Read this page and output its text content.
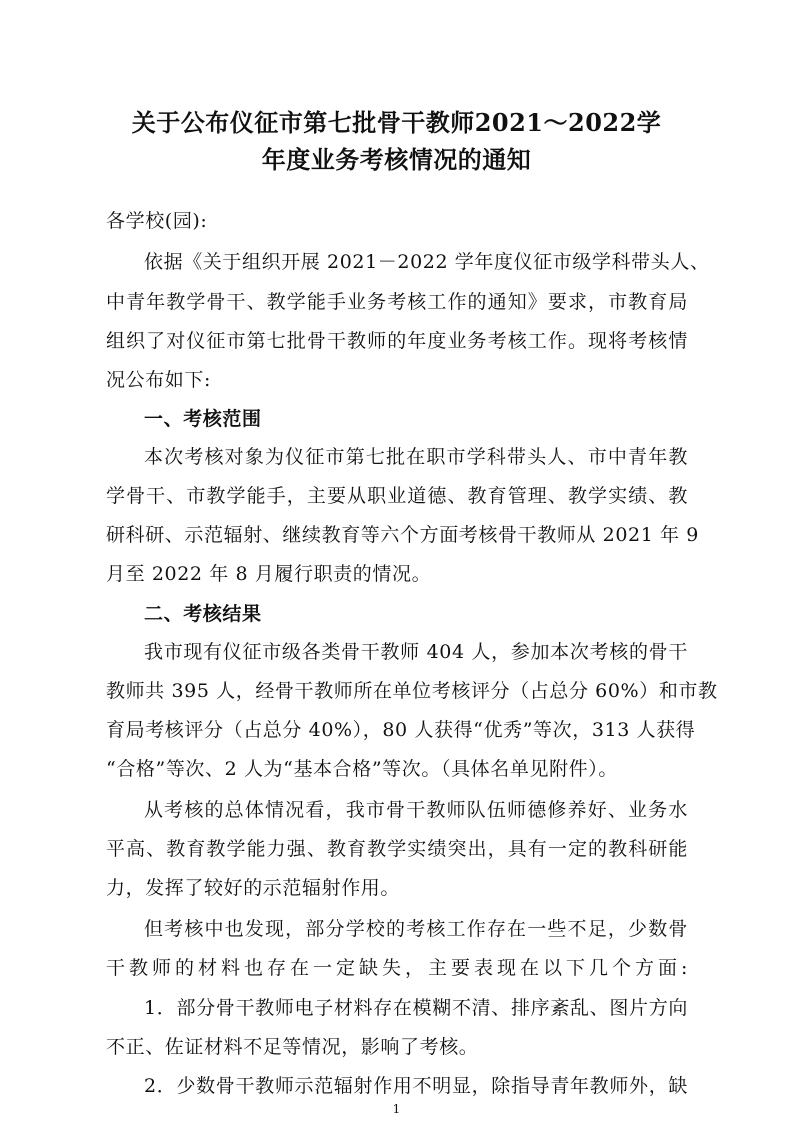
关于公布仪征市第七批骨干教师2021～2022学
年度业务考核情况的通知
各学校(园):
依据《关于组织开展 2021－2022 学年度仪征市级学科带头人、
中青年教学骨干、教学能手业务考核工作的通知》要求，市教育局
组织了对仪征市第七批骨干教师的年度业务考核工作。现将考核情
况公布如下:
一、考核范围
本次考核对象为仪征市第七批在职市学科带头人、市中青年教
学骨干、市教学能手，主要从职业道德、教育管理、教学实绩、教
研科研、示范辐射、继续教育等六个方面考核骨干教师从 2021 年 9
月至 2022 年 8 月履行职责的情况。
二、考核结果
我市现有仪征市级各类骨干教师 404 人，参加本次考核的骨干
教师共 395 人，经骨干教师所在单位考核评分（占总分 60%）和市教
育局考核评分（占总分 40%），80 人获得“优秀”等次，313 人获得
“合格”等次、2 人为“基本合格”等次。（具体名单见附件）。
从考核的总体情况看，我市骨干教师队伍师德修养好、业务水
平高、教育教学能力强、教育教学实绩突出，具有一定的教科研能
力，发挥了较好的示范辐射作用。
但考核中也发现，部分学校的考核工作存在一些不足，少数骨
干教师的材料也存在一定缺失，主要表现在以下几个方面:
1．部分骨干教师电子材料存在模糊不清、排序紊乱、图片方向
不正、佐证材料不足等情况，影响了考核。
2．少数骨干教师示范辐射作用不明显，除指导青年教师外，缺
1
